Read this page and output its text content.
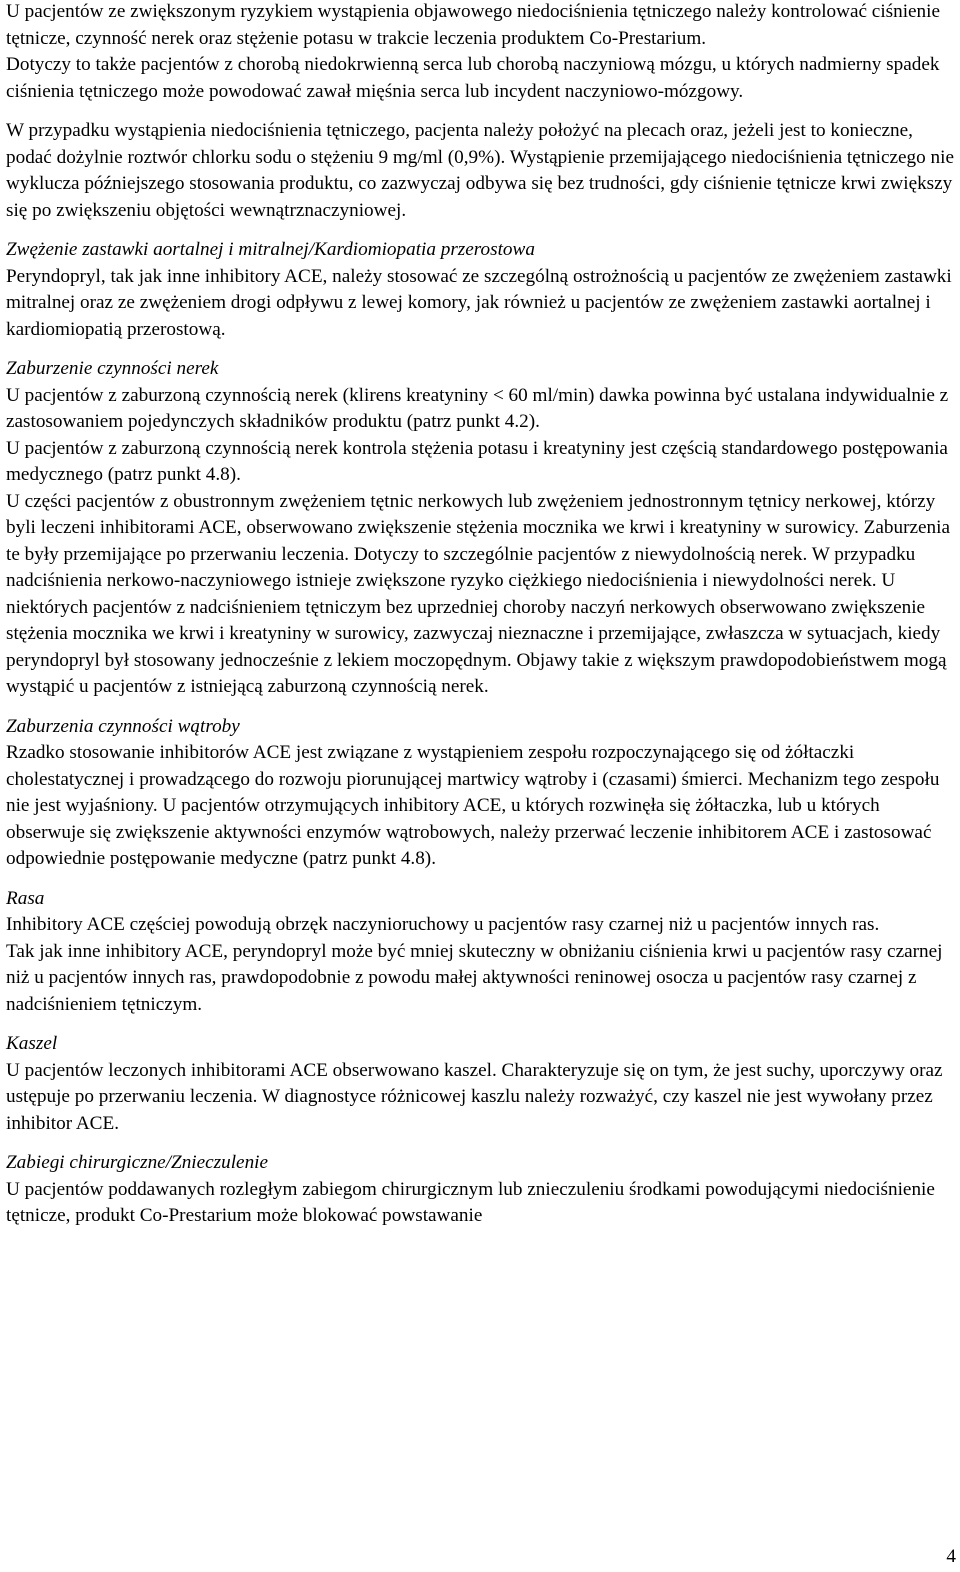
U pacjentów ze zwiększonym ryzykiem wystąpienia objawowego niedociśnienia tętniczego należy kontrolować ciśnienie tętnicze, czynność nerek oraz stężenie potasu w trakcie leczenia produktem Co-Prestarium.

Dotyczy to także pacjentów z chorobą niedokrwienną serca lub chorobą naczyniową mózgu, u których nadmierny spadek ciśnienia tętniczego może powodować zawał mięśnia serca lub incydent naczyniowo-mózgowy.

W przypadku wystąpienia niedociśnienia tętniczego, pacjenta należy położyć na plecach oraz, jeżeli jest to konieczne, podać dożylnie roztwór chlorku sodu o stężeniu 9 mg/ml (0,9%). Wystąpienie przemijającego niedociśnienia tętniczego nie wyklucza późniejszego stosowania produktu, co zazwyczaj odbywa się bez trudności, gdy ciśnienie tętnicze krwi zwiększy się po zwiększeniu objętości wewnątrznaczyniowej.

Zwężenie zastawki aortalnej i mitralnej/Kardiomiopatia przerostowa

Peryndopryl, tak jak inne inhibitory ACE, należy stosować ze szczególną ostrożnością u pacjentów ze zwężeniem zastawki mitralnej oraz ze zwężeniem drogi odpływu z lewej komory, jak również u pacjentów ze zwężeniem zastawki aortalnej i kardiomiopatią przerostową.

Zaburzenie czynności nerek

U pacjentów z zaburzoną czynnością nerek (klirens kreatyniny < 60 ml/min) dawka powinna być ustalana indywidualnie z zastosowaniem pojedynczych składników produktu (patrz punkt 4.2).

U pacjentów z zaburzoną czynnością nerek kontrola stężenia potasu i kreatyniny jest częścią standardowego postępowania medycznego (patrz punkt 4.8).

U części pacjentów z obustronnym zwężeniem tętnic nerkowych lub zwężeniem jednostronnym tętnicy nerkowej, którzy byli leczeni inhibitorami ACE, obserwowano zwiększenie stężenia mocznika we krwi i kreatyniny w surowicy. Zaburzenia te były przemijające po przerwaniu leczenia. Dotyczy to szczególnie pacjentów z niewydolnością nerek. W przypadku nadciśnienia nerkowo-naczyniowego istnieje zwiększone ryzyko ciężkiego niedociśnienia i niewydolności nerek. U niektórych pacjentów z nadciśnieniem tętniczym bez uprzedniej choroby naczyń nerkowych obserwowano zwiększenie stężenia mocznika we krwi i kreatyniny w surowicy, zazwyczaj nieznaczne i przemijające, zwłaszcza w sytuacjach, kiedy peryndopryl był stosowany jednocześnie z lekiem moczopędnym. Objawy takie z większym prawdopodobieństwem mogą wystąpić u pacjentów z istniejącą zaburzoną czynnością nerek.

Zaburzenia czynności wątroby

Rzadko stosowanie inhibitorów ACE jest związane z wystąpieniem zespołu rozpoczynającego się od żółtaczki cholestatycznej i prowadzącego do rozwoju piorunującej martwicy wątroby i (czasami) śmierci. Mechanizm tego zespołu nie jest wyjaśniony. U pacjentów otrzymujących inhibitory ACE, u których rozwinęła się żółtaczka, lub u których obserwuje się zwiększenie aktywności enzymów wątrobowych, należy przerwać leczenie inhibitorem ACE i zastosować odpowiednie postępowanie medyczne (patrz punkt 4.8).

Rasa

Inhibitory ACE częściej powodują obrzęk naczynioruchowy u pacjentów rasy czarnej niż u pacjentów innych ras.

Tak jak inne inhibitory ACE, peryndopryl może być mniej skuteczny w obniżaniu ciśnienia krwi u pacjentów rasy czarnej niż u pacjentów innych ras, prawdopodobnie z powodu małej aktywności reninowej osocza u pacjentów rasy czarnej z nadciśnieniem tętniczym.

Kaszel

U pacjentów leczonych inhibitorami ACE obserwowano kaszel. Charakteryzuje się on tym, że jest suchy, uporczywy oraz ustępuje po przerwaniu leczenia. W diagnostyce różnicowej kaszlu należy rozważyć, czy kaszel nie jest wywołany przez inhibitor ACE.

Zabiegi chirurgiczne/Znieczulenie

U pacjentów poddawanych rozległym zabiegom chirurgicznym lub znieczuleniu środkami powodującymi niedociśnienie tętnicze, produkt Co-Prestarium może blokować powstawanie

4
